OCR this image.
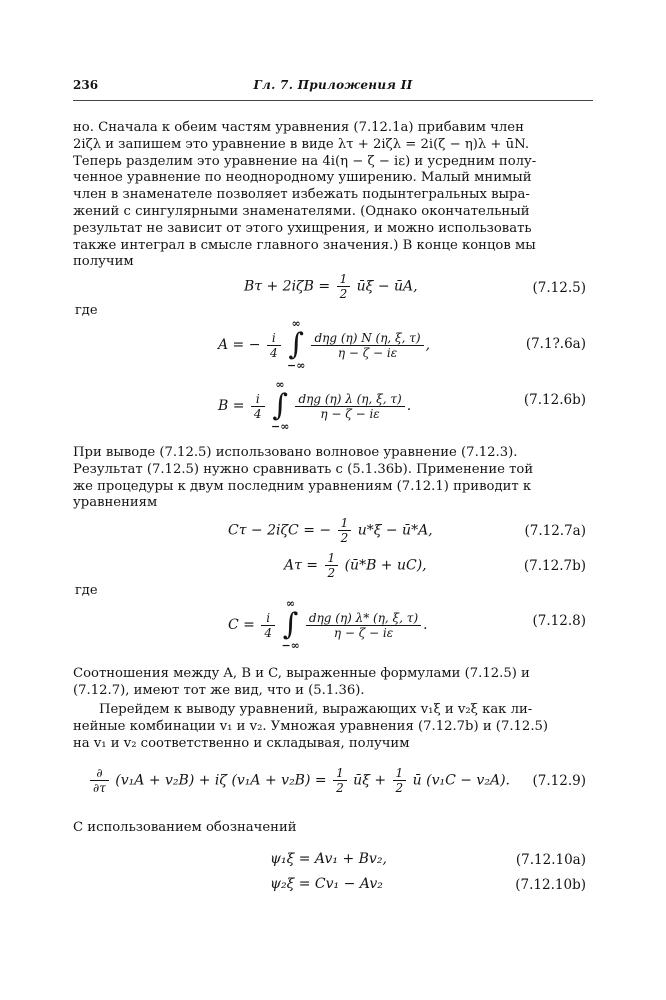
236	Гл. 7. Приложения II
но. Сначала к обеим частям уравнения (7.12.1a) прибавим член
2iζλ и запишем это уравнение в виде λτ + 2iζλ = 2i(ζ − η)λ + ūN.
Теперь разделим это уравнение на 4i(η − ζ − iε) и усредним полу-
ченное уравнение по неоднородному уширению. Малый мнимый
член в знаменателе позволяет избежать подынтегральных выра-
жений с сингулярными знаменателями. (Однако окончательный
результат не зависит от этого ухищрения, и можно использовать
также интеграл в смысле главного значения.) В конце концов мы
получим
$B\tau + 2i\zeta B = \frac{1}{2}$ ūξ − ūA,	(7.12.5)
где
A = − $\frac{i}{4}$

∞
∫
−∞

$\frac{\text{dηg (η) N (η, ξ, τ)}}{\eta - \zeta - i\varepsilon}$ ,	(7.1?.6a)
$B = \frac{i}{4}$

∞
∫
−∞

$\frac{\text{dηg (η) λ (η, ξ, τ)}}{\eta - \zeta - i\varepsilon}$ .	(7.12.6b)
При выводе (7.12.5) использовано волновое уравнение (7.12.3).
Результат (7.12.5) нужно сравнивать с (5.1.36b). Применение той
же процедуры к двум последним уравнениям (7.12.1) приводит к
уравнениям
Cτ − 2iζC = − $\frac{1}{2} u*\xi$ − ū*A,	(7.12.7a)
$A\tau = \frac{1}{2}$ (ū*B + uC),	(7.12.7b)
где
$C = \frac{i}{4}$

∞
∫
−∞

$\frac{\text{dηg (η) λ* (η, ξ, τ)}}{\eta - \zeta - i\varepsilon}$ .	(7.12.8)
Соотношения между A, B и C, выраженные формулами (7.12.5) и
(7.12.7), имеют тот же вид, что и (5.1.36).
Перейдем к выводу уравнений, выражающих v₁ξ и v₂ξ как ли-
нейные комбинации v₁ и v₂. Умножая уравнения (7.12.7b) и (7.12.5)
на v₁ и v₂ соответственно и складывая, получим
$\frac{\partial}{\partial\tau} (v_1A + v_2B) + i\zeta$ $(v_1A + v_2B) = \frac{1}{2}$ ūξ + $\frac{1}{2}$ ū (v₁C − v₂A). (7.12.9)
С использованием обозначений
ψ₁ξ = Av₁ + Bv₂,	(7.12.10a)
ψ₂ξ = Cv₁ − Av₂	(7.12.10b)
